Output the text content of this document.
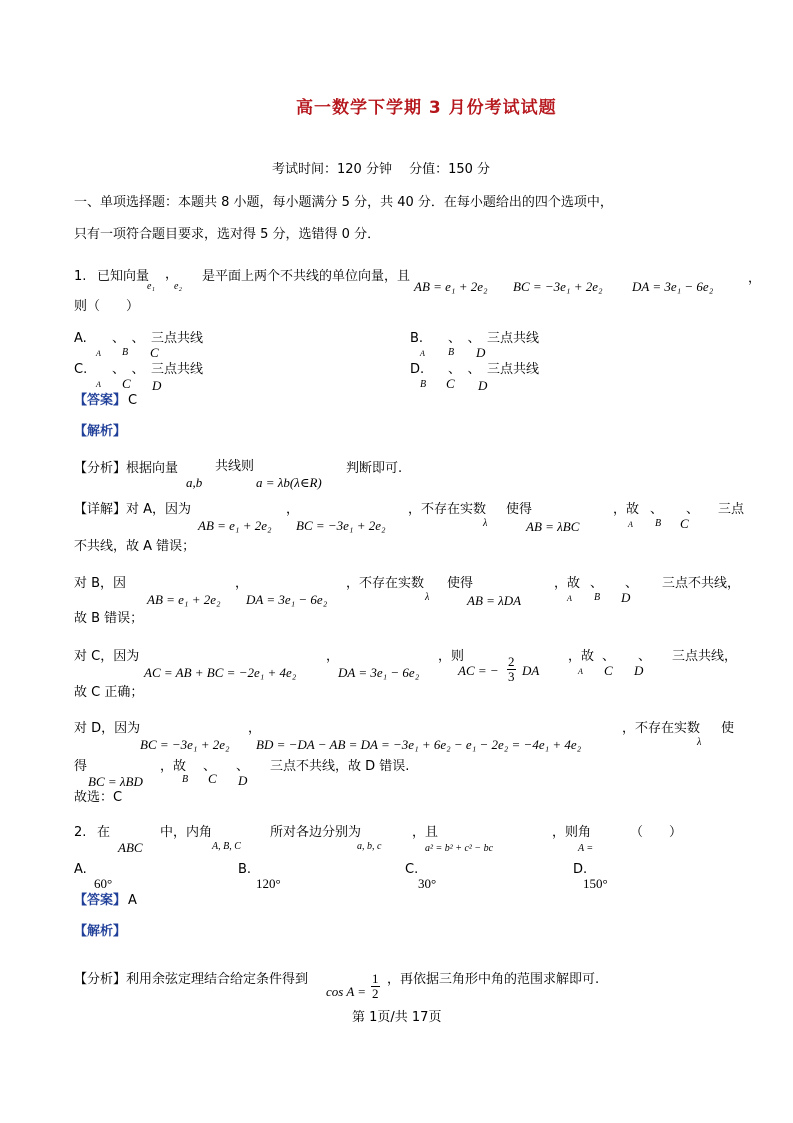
高一数学下学期 3 月份考试试题
考试时间：120 分钟　 分值：150 分
一、单项选择题：本题共 8 小题，每小题满分 5 分，共 40 分．在每小题给出的四个选项中，
只有一项符合题目要求，选对得 5 分，选错得 0 分．
1. 已知向量
e₁
，
e₂
是平面上两个不共线的单位向量，且
AB = e₁ + 2e₂ BC = −3e₁ + 2e₂ DA = 3e₁ − 6e₂
，
则（　　）
A. 、　、　三点共线
A B C
B. 、　、　三点共线
A B D
C. 、　、　三点共线
A C D
D. 、　、　三点共线
B C D
【答案】 C
【解析】
【分析】 根据向量
a,b
共线则
a = λb(λ∈R)
判断即可.
【详解】 对 A，因为
AB = e₁ + 2e₂
，
BC = −3e₁ + 2e₂
，不存在实数
λ
使得
AB = λBC
，故
A
、
B
、
C
三点
不共线，故 A 错误；
对 B，因
AB = e₁ + 2e₂
，
DA = 3e₁ − 6e₂
，不存在实数
λ
使得
AB = λDA
，故
A
、
B
、
D
三点不共线，
故 B 错误；
对 C，因为
AC = AB + BC = −2e₁ + 4e₂
，
DA = 3e₁ − 6e₂
，则
AC = − $\frac{2}{3}$ DA
，故
A
、
C
、
D
三点共线，
故 C 正确；
对 D，因为
BC = −3e₁ + 2e₂
，
BD = −DA − AB = DA = −3e₁ + 6e₂ − e₁ − 2e₂ = −4e₁ + 4e₂
，不存在实数
λ
使
得
BC = λBD
，故
B
、
C
、
D
三点不共线，故 D 错误.
故选：C
2. 在
ABC
中，内角
A, B, C
所对各边分别为
a, b, c
，且
a² = b² + c² − bc
，则角
A =
（　　）
A.
60°
B.
120°
C.
30°
D.
150°
【答案】 A
【解析】
【分析】 利用余弦定理结合给定条件得到
$\cos A = \frac{1}{2}$ ，再依据三角形中角的范围求解即可.
第 1页/共 17页
